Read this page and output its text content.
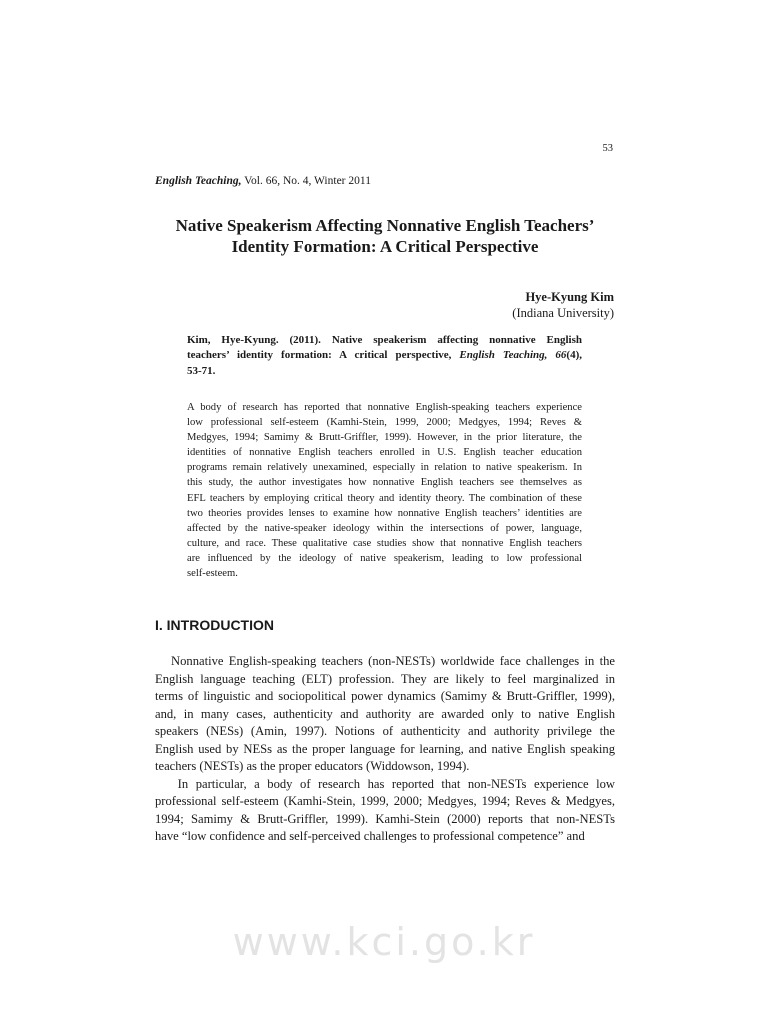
53
English Teaching, Vol. 66, No. 4, Winter 2011
Native Speakerism Affecting Nonnative English Teachers’
Identity Formation: A Critical Perspective
Hye-Kyung Kim
(Indiana University)
Kim, Hye-Kyung. (2011). Native speakerism affecting nonnative English
teachers’ identity formation: A critical perspective, English Teaching, 66(4),
53-71.
A body of research has reported that nonnative English-speaking teachers experience
low professional self-esteem (Kamhi-Stein, 1999, 2000; Medgyes, 1994; Reves &
Medgyes, 1994; Samimy & Brutt-Griffler, 1999). However, in the prior literature, the
identities of nonnative English teachers enrolled in U.S. English teacher education
programs remain relatively unexamined, especially in relation to native speakerism. In
this study, the author investigates how nonnative English teachers see themselves as
EFL teachers by employing critical theory and identity theory. The combination of these
two theories provides lenses to examine how nonnative English teachers’ identities are
affected by the native-speaker ideology within the intersections of power, language,
culture, and race. These qualitative case studies show that nonnative English teachers
are influenced by the ideology of native speakerism, leading to low professional
self-esteem.
I. INTRODUCTION
Nonnative English-speaking teachers (non-NESTs) worldwide face challenges in the
English language teaching (ELT) profession. They are likely to feel marginalized in
terms of linguistic and sociopolitical power dynamics (Samimy & Brutt-Griffler, 1999),
and, in many cases, authenticity and authority are awarded only to native English
speakers (NESs) (Amin, 1997). Notions of authenticity and authority privilege the
English used by NESs as the proper language for learning, and native English speaking
teachers (NESTs) as the proper educators (Widdowson, 1994).
In particular, a body of research has reported that non-NESTs experience low
professional self-esteem (Kamhi-Stein, 1999, 2000; Medgyes, 1994; Reves & Medgyes,
1994; Samimy & Brutt-Griffler, 1999). Kamhi-Stein (2000) reports that non-NESTs
have “low confidence and self-perceived challenges to professional competence” and
www.kci.go.kr
